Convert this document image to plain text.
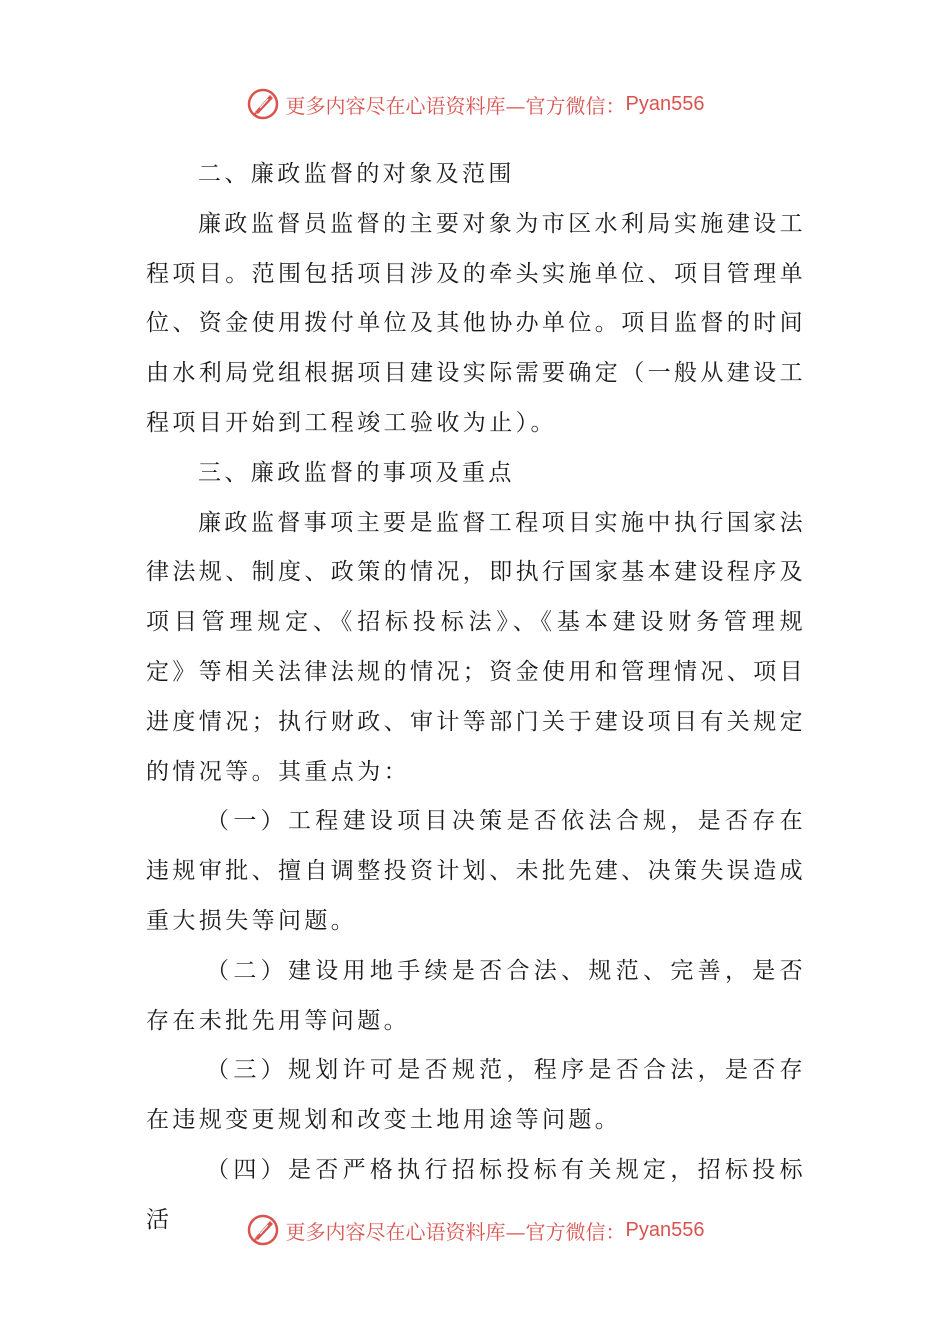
更多内容尽在心语资料库—官方微信： Pyan556

二、廉政监督的对象及范围

廉政监督员监督的主要对象为市区水利局实施建设工程项目。范围包括项目涉及的牵头实施单位、项目管理单位、资金使用拨付单位及其他协办单位。项目监督的时间由水利局党组根据项目建设实际需要确定（一般从建设工程项目开始到工程竣工验收为止）。

三、廉政监督的事项及重点

廉政监督事项主要是监督工程项目实施中执行国家法律法规、制度、政策的情况，即执行国家基本建设程序及项目管理规定、《招标投标法》、《基本建设财务管理规定》等相关法律法规的情况；资金使用和管理情况、项目进度情况；执行财政、审计等部门关于建设项目有关规定的情况等。其重点为：

（一）工程建设项目决策是否依法合规，是否存在违规审批、擅自调整投资计划、未批先建、决策失误造成重大损失等问题。

（二）建设用地手续是否合法、规范、完善，是否存在未批先用等问题。

（三）规划许可是否规范，程序是否合法，是否存在违规变更规划和改变土地用途等问题。

（四）是否严格执行招标投标有关规定，招标投标活	更多内容尽在心语资料库—官方微信： Pyan556
